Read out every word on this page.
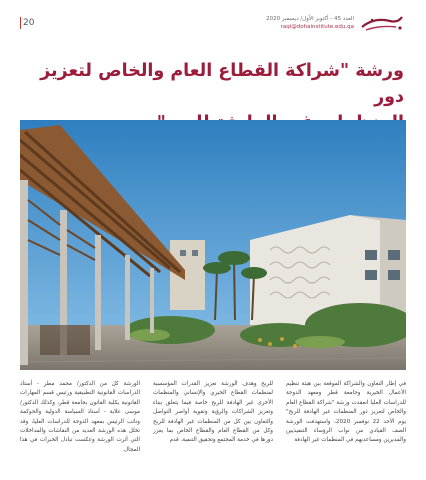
20	العدد 45 - أكتوبر الأول/ ديسمبر 2020
raqi@dohainstitute.edu.qa
ورشة "شراكة القطاع العام والخاص لتعزيز دور
في إطار التعاون والشراكة الموقعة بين هيئة تنظيم الأعمال الخيرية وجامعة قطر ومعهد الدوحة للدراسات العليا انعقدت ورشة "شراكة القطاع العام والخاص لتعزيز دور المنظمات غير الهادفة للربح" يوم الأحد 22 نوفمبر 2020، واستهدفت الورشة الصف القيادي من نواب الرؤساء التنفيذيين والمديرين ومساعديهم في المنظمات غير الهادفة
للربح وهدف الورشة تعزيز القدرات المؤسسية لمنظمات القطاع الخيري والإنساني والمنظمات الأخرى غير الهادفة للربح خاصة فيما يتعلق ببناء وتعزيز الشراكات والرؤية وتقوية أواصر التواصل والتعاون بين كل من المنظمات غير الهادفة للربح وكل من القطاع العام والقطاع الخاص بما يعزز دورها في خدمة المجتمع وتحقيق التنمية. قدم
الورشة كل من الدكتور/ محمد مطر - أستاذ الدراسات القانونية التطبيقية ورئيس قسم المهارات القانونية بكلية القانون بجامعة قطر، وكذلك الدكتور/ موسى علاية - أستاذ السياسة الدولية والحوكمة ونائب الرئيس بمعهد الدوحة للدراسات العليا، وقد تخلل هذه الورشة العديد من النقاشات والمداخلات التي أثرت الورشة وعكست تبادل الخبرات في هذا المجال.
